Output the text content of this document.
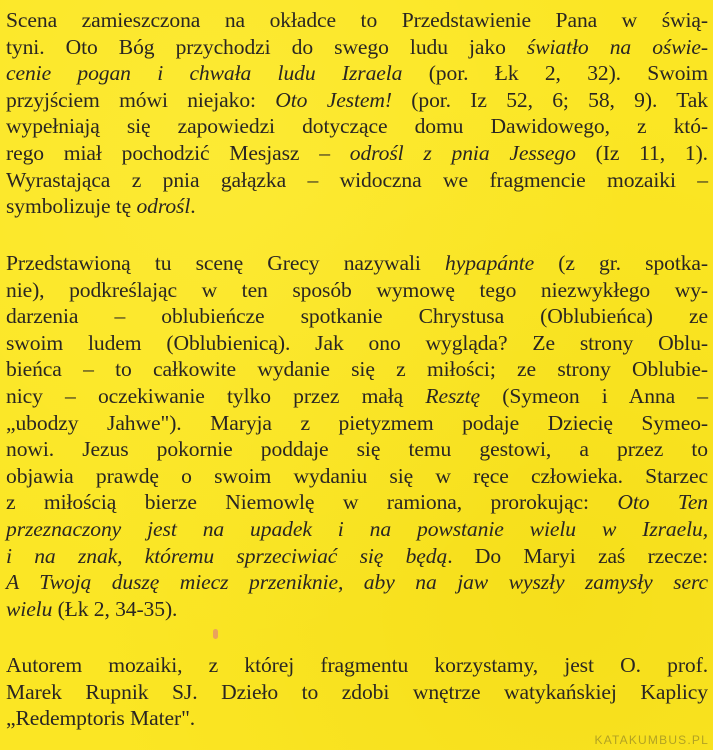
Scena zamieszczona na okładce to Przedstawienie Pana w świą-
tyni. Oto Bóg przychodzi do swego ludu jako światło na oświe-
cenie pogan i chwała ludu Izraela (por. Łk 2, 32). Swoim
przyjściem mówi niejako: Oto Jestem! (por. Iz 52, 6; 58, 9). Tak
wypełniają się zapowiedzi dotyczące domu Dawidowego, z któ-
rego miał pochodzić Mesjasz – odrośl z pnia Jessego (Iz 11, 1).
Wyrastająca z pnia gałązka – widoczna we fragmencie mozaiki –
symbolizuje tę odrośl.
Przedstawioną tu scenę Grecy nazywali hypapánte (z gr. spotka-
nie), podkreślając w ten sposób wymowę tego niezwykłego wy-
darzenia – oblubieńcze spotkanie Chrystusa (Oblubieńca) ze
swoim ludem (Oblubienicą). Jak ono wygląda? Ze strony Oblu-
bieńca – to całkowite wydanie się z miłości; ze strony Oblubie-
nicy – oczekiwanie tylko przez małą Resztę (Symeon i Anna –
„ubodzy Jahwe"). Maryja z pietyzmem podaje Dziecię Symeo-
nowi. Jezus pokornie poddaje się temu gestowi, a przez to
objawia prawdę o swoim wydaniu się w ręce człowieka. Starzec
z miłością bierze Niemowlę w ramiona, prorokując: Oto Ten
przeznaczony jest na upadek i na powstanie wielu w Izraelu,
i na znak, któremu sprzeciwiać się będą. Do Maryi zaś rzecze:
A Twoją duszę miecz przeniknie, aby na jaw wyszły zamysły serc
wielu (Łk 2, 34-35).
Autorem mozaiki, z której fragmentu korzystamy, jest O. prof.
Marek Rupnik SJ. Dzieło to zdobi wnętrze watykańskiej Kaplicy
„Redemptoris Mater".
KATAKUMBUS.PL
